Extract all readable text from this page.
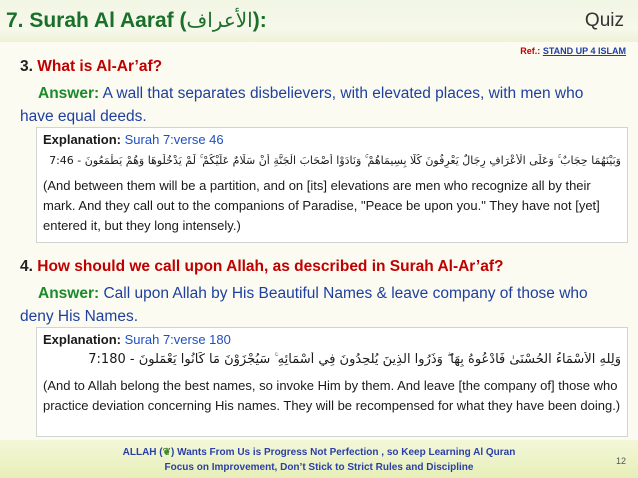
7. Surah Al Aaraf (الأعراف):	Quiz
Ref.: STAND UP 4 ISLAM
3. What is Al-Ar’af?
Answer: A wall that separates disbelievers, with elevated places, with men who have equal deeds.
Explanation: Surah 7:verse 46
وَبَيْنَهُمَا حِجَابٌ ۚ وَعَلَى الْأَعْرَافِ رِجَالٌ يَعْرِفُونَ كُلًّا بِسِيمَاهُمْ ۚ وَنَادَوْا أَصْحَابَ الْجَنَّةِ أَنْ سَلَامٌ عَلَيْكُمْ ۚ لَمْ يَدْخُلُوهَا وَهُمْ يَطْمَعُونَ - 7:46
(And between them will be a partition, and on [its] elevations are men who recognize all by their mark. And they call out to the companions of Paradise, "Peace be upon you." They have not [yet] entered it, but they long intensely.)
4. How should we call upon Allah, as described in Surah Al-Ar’af?
Answer: Call upon Allah by His Beautiful Names & leave company of those who deny His Names.
Explanation: Surah 7:verse 180
وَلِلَّهِ الْأَسْمَاءُ الْحُسْنَىٰ فَادْعُوهُ بِهَا ۖ وَذَرُوا الَّذِينَ يُلْحِدُونَ فِي أَسْمَائِهِ ۚ سَيُجْزَوْنَ مَا كَانُوا يَعْمَلُونَ - 7:180
(And to Allah belong the best names, so invoke Him by them. And leave [the company of] those who practice deviation concerning His names. They will be recompensed for what they have been doing.)
ALLAH (❦) Wants From Us is Progress Not Perfection , so Keep Learning Al Quran
Focus on Improvement, Don’t Stick to Strict Rules and Discipline
12
